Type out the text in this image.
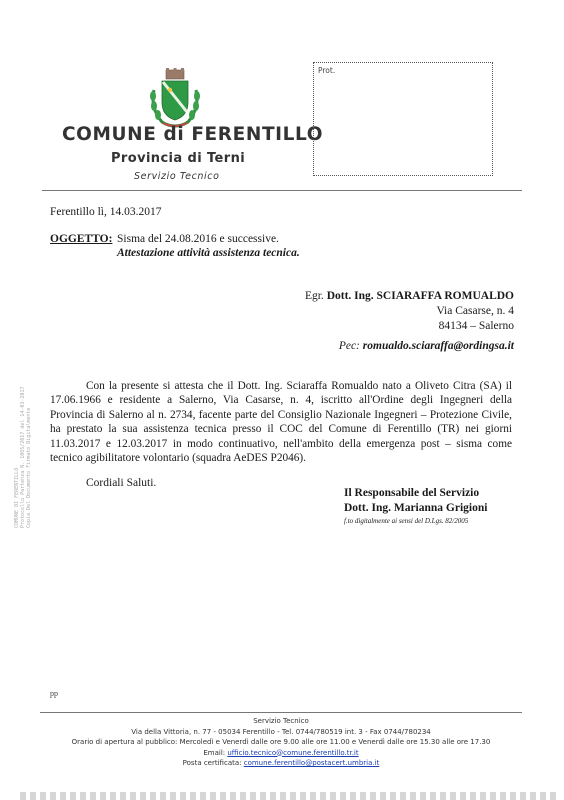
COMUNE di FERENTILLO
Provincia di Terni
Servizio Tecnico
Prot.
COMUNE DI FERENTILLO
Protocollo Partenza N. 1065/2017 del 14-03-2017
Copia Del Documento Firmato Digitalmente
Ferentillo lì, 14.03.2017
OGGETTO: Sisma del 24.08.2016 e successive.
Attestazione attività assistenza tecnica.
Egr. Dott. Ing. SCIARAFFA ROMUALDO
Via Casarse, n. 4
84134 – Salerno
Pec: romualdo.sciaraffa@ordingsa.it
Con la presente si attesta che il Dott. Ing. Sciaraffa Romualdo nato a Oliveto Citra (SA) il
17.06.1966 e residente a Salerno, Via Casarse, n. 4, iscritto all'Ordine degli Ingegneri della
Provincia di Salerno al n. 2734, facente parte del Consiglio Nazionale Ingegneri – Protezione Civile,
ha prestato la sua assistenza tecnica presso il COC del Comune di Ferentillo (TR) nei giorni
11.03.2017 e 12.03.2017 in modo continuativo, nell'ambito della emergenza post – sisma come
tecnico agibilitatore volontario (squadra AeDES P2046).
Cordiali Saluti.
Il Responsabile del Servizio
Dott. Ing. Marianna Grigioni
f.to digitalmente ai sensi del D.Lgs. 82/2005
pp
Servizio Tecnico
Via della Vittoria, n. 77 - 05034 Ferentillo - Tel. 0744/780519 int. 3 - Fax 0744/780234
Orario di apertura al pubblico: Mercoledì e Venerdì dalle ore 9.00 alle ore 11.00 e Venerdì dalle ore 15.30 alle ore 17.30
Email: ufficio.tecnico@comune.ferentillo.tr.it
Posta certificata: comune.ferentillo@postacert.umbria.it
